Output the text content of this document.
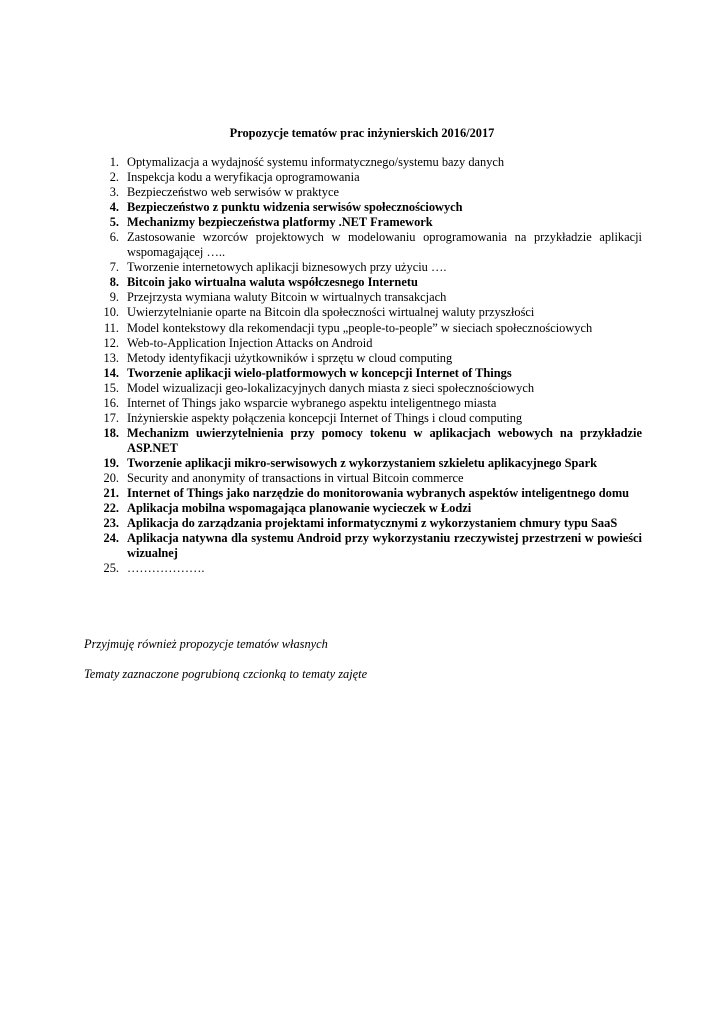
Propozycje tematów prac inżynierskich 2016/2017
1. Optymalizacja a wydajność systemu informatycznego/systemu bazy danych
2. Inspekcja kodu a weryfikacja oprogramowania
3. Bezpieczeństwo web serwisów w praktyce
4. Bezpieczeństwo z punktu widzenia serwisów społecznościowych
5. Mechanizmy bezpieczeństwa platformy .NET Framework
6. Zastosowanie wzorców projektowych w modelowaniu oprogramowania na przykładzie aplikacji wspomagającej …..
7. Tworzenie internetowych aplikacji biznesowych przy użyciu ….
8. Bitcoin jako wirtualna waluta współczesnego Internetu
9. Przejrzysta wymiana waluty Bitcoin w wirtualnych transakcjach
10. Uwierzytelnianie oparte na Bitcoin dla społeczności wirtualnej waluty przyszłości
11. Model kontekstowy dla rekomendacji typu „people-to-people” w sieciach społecznościowych
12. Web-to-Application Injection Attacks on Android
13. Metody identyfikacji użytkowników i sprzętu w cloud computing
14. Tworzenie aplikacji wielo-platformowych w koncepcji Internet of Things
15. Model wizualizacji geo-lokalizacyjnych danych miasta z sieci społecznościowych
16. Internet of Things jako wsparcie wybranego aspektu inteligentnego miasta
17. Inżynierskie aspekty połączenia koncepcji Internet of Things i cloud computing
18. Mechanizm uwierzytelnienia przy pomocy tokenu w aplikacjach webowych na przykładzie ASP.NET
19. Tworzenie aplikacji mikro-serwisowych z wykorzystaniem szkieletu aplikacyjnego Spark
20. Security and anonymity of transactions in virtual Bitcoin commerce
21. Internet of Things jako narzędzie do monitorowania wybranych aspektów inteligentnego domu
22. Aplikacja mobilna wspomagająca planowanie wycieczek w Łodzi
23. Aplikacja do zarządzania projektami informatycznymi z wykorzystaniem chmury typu SaaS
24. Aplikacja natywna dla systemu Android przy wykorzystaniu rzeczywistej przestrzeni w powieści wizualnej
25. ……………….
Przyjmuję również propozycje tematów własnych
Tematy zaznaczone pogrubioną czcionką to tematy zajęte
